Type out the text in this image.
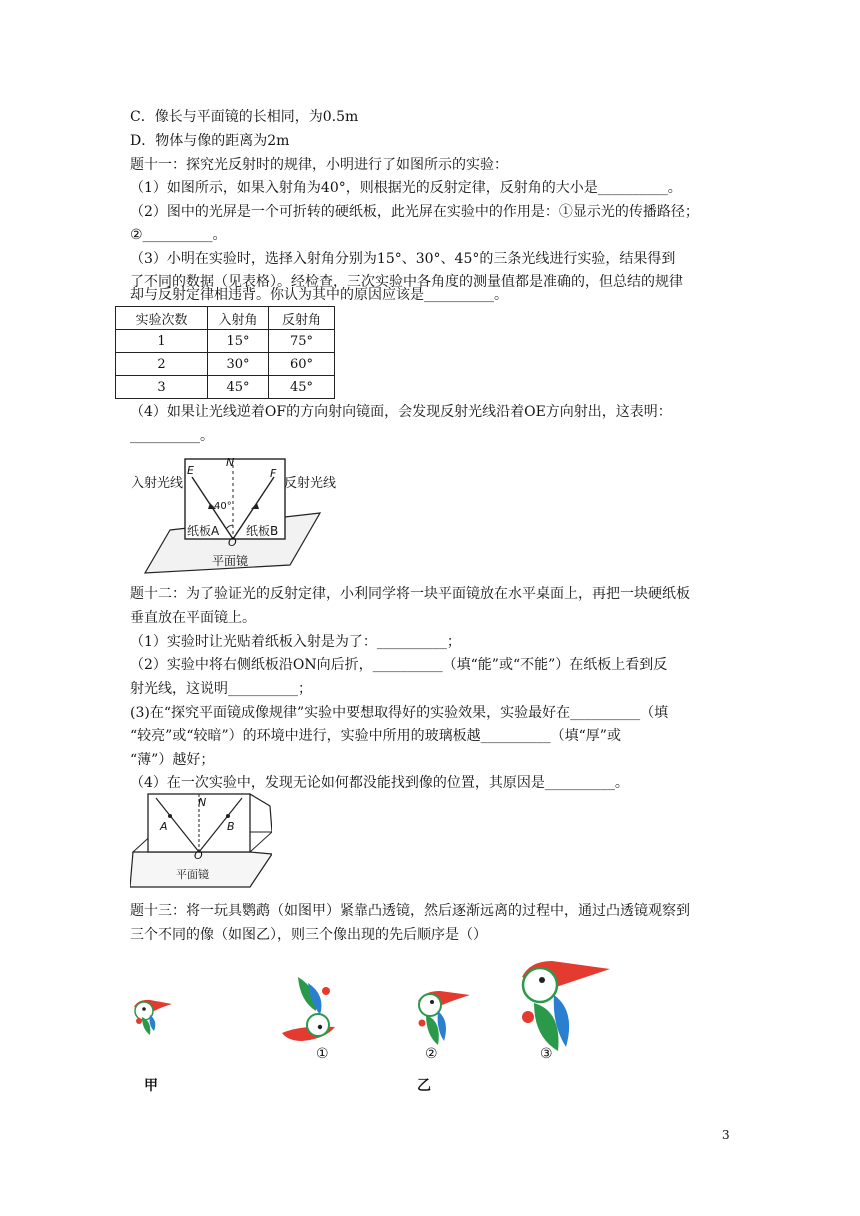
C．像长与平面镜的长相同，为0.5m
D．物体与像的距离为2m
题十一：探究光反射时的规律，小明进行了如图所示的实验：
（1）如图所示，如果入射角为40°，则根据光的反射定律，反射角的大小是__________。
（2）图中的光屏是一个可折转的硬纸板，此光屏在实验中的作用是：①显示光的传播路径；
②__________。
（3）小明在实验时，选择入射角分别为15°、30°、45°的三条光线进行实验，结果得到
了不同的数据（见表格）。经检查，三次实验中各角度的测量值都是准确的，但总结的规律
却与反射定律相违背。你认为其中的原因应该是__________。
实验次数	入射角	反射角
1	15°	75°
2	30°	60°
3	45°	45°
（4）如果让光线逆着OF的方向射向镜面，会发现反射光线沿着OE方向射出，这表明：
__________。
入射光线	反射光线
E
N
F
40°
纸板A 纸板B
O
平面镜
题十二：为了验证光的反射定律，小利同学将一块平面镜放在水平桌面上，再把一块硬纸板
垂直放在平面镜上。
（1）实验时让光贴着纸板入射是为了：__________；
（2）实验中将右侧纸板沿ON向后折，__________（填“能”或“不能”）在纸板上看到反
射光线，这说明__________；
(3)在“探究平面镜成像规律”实验中要想取得好的实验效果，实验最好在__________（填
“较亮”或“较暗”）的环境中进行，实验中所用的玻璃板越__________（填“厚”或
“薄”）越好；
（4）在一次实验中，发现无论如何都没能找到像的位置，其原因是__________。
N
A	B
O
平面镜
题十三：将一玩具鹦鹉（如图甲）紧靠凸透镜，然后逐渐远离的过程中，通过凸透镜观察到
三个不同的像（如图乙），则三个像出现的先后顺序是（）
①	②	③
甲	乙
3
